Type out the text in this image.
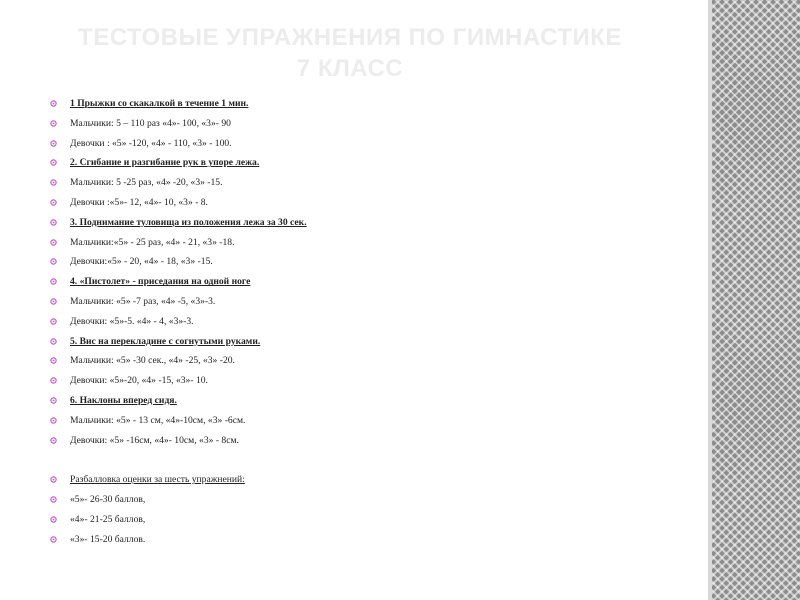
ТЕСТОВЫЕ УПРАЖНЕНИЯ ПО ГИМНАСТИКЕ
7 КЛАСС
1 Прыжки со скакалкой в течение 1 мин.
Мальчики: 5 – 110 раз «4»- 100, «3»- 90
Девочки : «5» -120, «4» - 110, «3» - 100.
2. Сгибание и разгибание рук в упоре лежа.
Мальчики: 5 -25 раз, «4» -20, «3» -15.
Девочки :«5»- 12, «4»- 10, «3» - 8.
3. Поднимание туловища из положения лежа за 30 сек.
Мальчики:«5» - 25 раз, «4» - 21, «3» -18.
Девочки:«5» - 20, «4» - 18, «3» -15.
4. «Пистолет» - приседания на одной ноге
Мальчики: «5» -7 раз, «4» -5, «3»-3.
Девочки: «5»-5. «4» - 4, «3»-3.
5. Вис на перекладине с согнутыми руками.
Мальчики: «5» -30 сек., «4» -25, «3» -20.
Девочки: «5»-20, «4» -15, «3»- 10.
6. Наклоны вперед сидя.
Мальчики: «5» - 13 см, «4»-10см, «3» -6см.
Девочки: «5» -16см, «4»- 10см, «3» - 8см.
Разбалловка оценки за шесть упражнений:
«5»- 26-30 баллов,
«4»- 21-25 баллов,
«3»- 15-20 баллов.
